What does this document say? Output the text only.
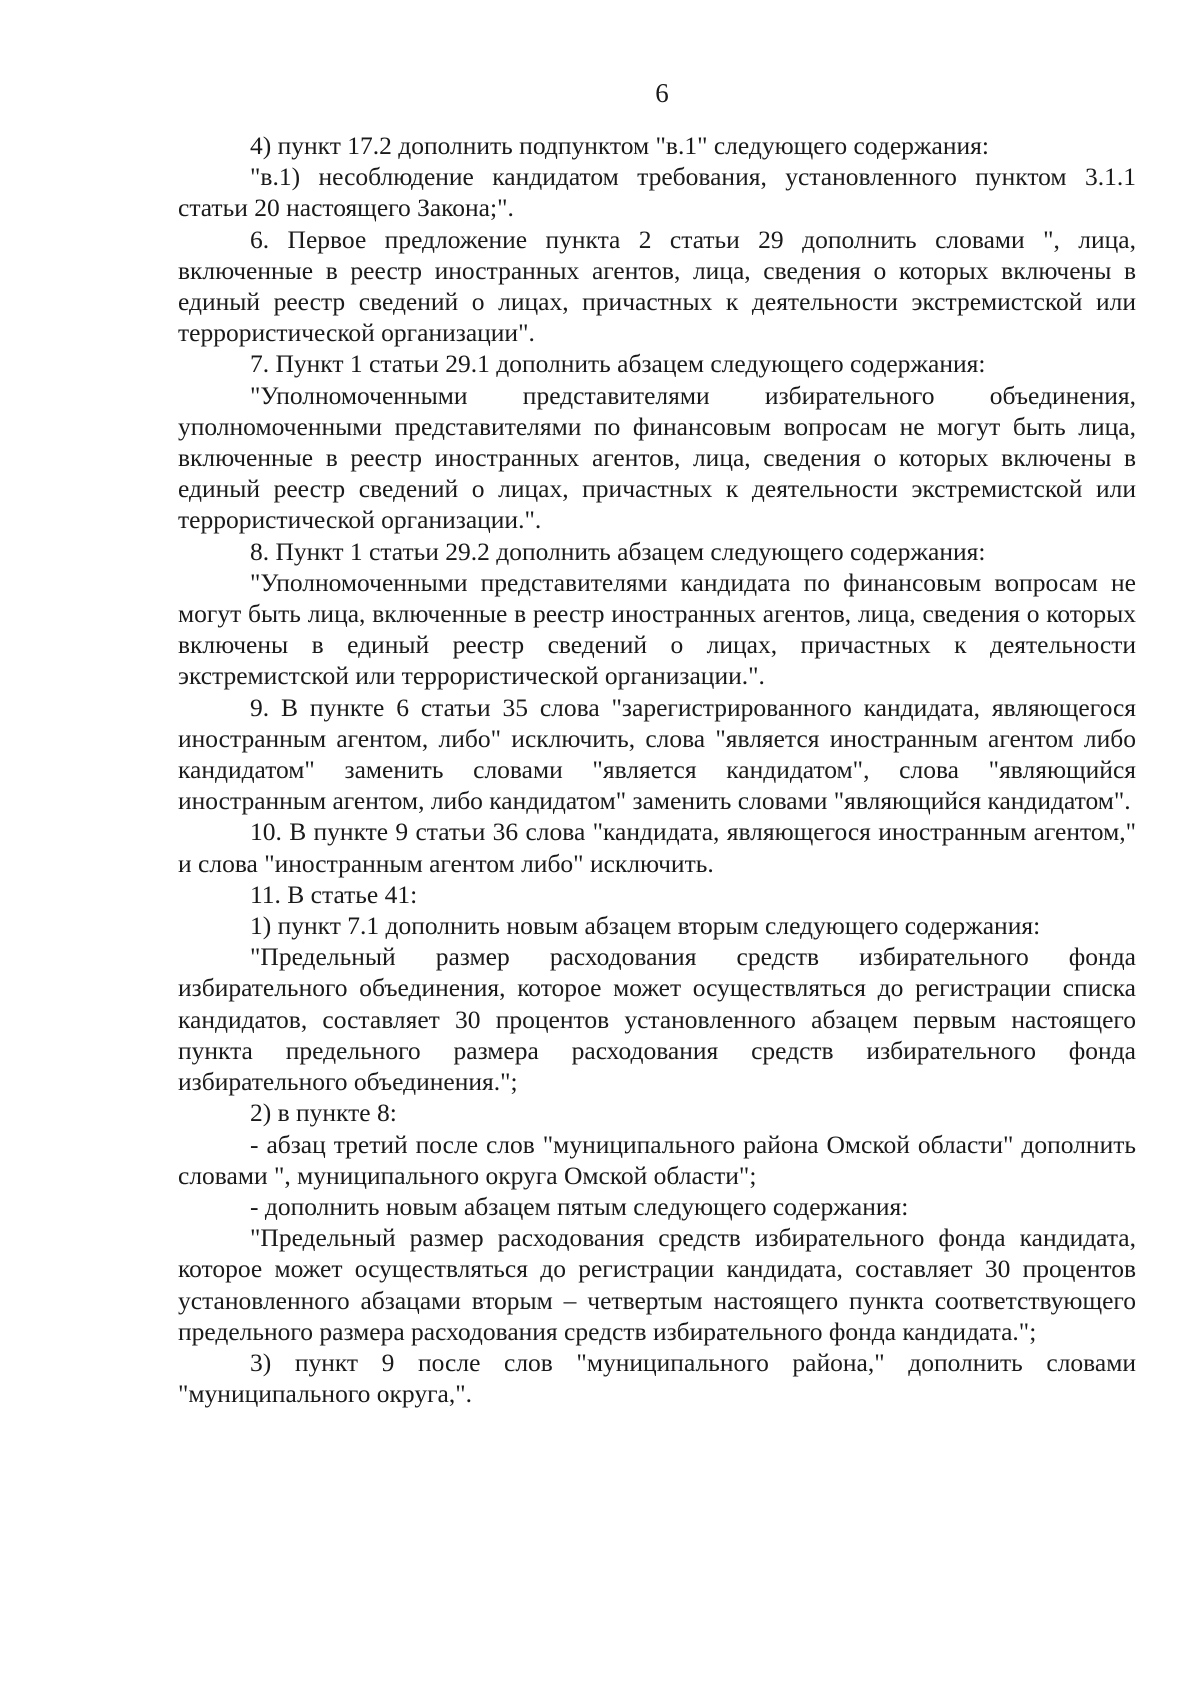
6

4) пункт 17.2 дополнить подпунктом "в.1" следующего содержания:

"в.1) несоблюдение кандидатом требования, установленного пунктом 3.1.1 статьи 20 настоящего Закона;".

6. Первое предложение пункта 2 статьи 29 дополнить словами ", лица, включенные в реестр иностранных агентов, лица, сведения о которых включены в единый реестр сведений о лицах, причастных к деятельности экстремистской или террористической организации".

7. Пункт 1 статьи 29.1 дополнить абзацем следующего содержания:

"Уполномоченными представителями избирательного объединения, уполномоченными представителями по финансовым вопросам не могут быть лица, включенные в реестр иностранных агентов, лица, сведения о которых включены в единый реестр сведений о лицах, причастных к деятельности экстремистской или террористической организации.".

8. Пункт 1 статьи 29.2 дополнить абзацем следующего содержания:

"Уполномоченными представителями кандидата по финансовым вопросам не могут быть лица, включенные в реестр иностранных агентов, лица, сведения о которых включены в единый реестр сведений о лицах, причастных к деятельности экстремистской или террористической организации.".

9. В пункте 6 статьи 35 слова "зарегистрированного кандидата, являющегося иностранным агентом, либо" исключить, слова "является иностранным агентом либо кандидатом" заменить словами "является кандидатом", слова "являющийся иностранным агентом, либо кандидатом" заменить словами "являющийся кандидатом".

10. В пункте 9 статьи 36 слова "кандидата, являющегося иностранным агентом," и слова "иностранным агентом либо" исключить.

11. В статье 41:

1) пункт 7.1 дополнить новым абзацем вторым следующего содержания:

"Предельный размер расходования средств избирательного фонда избирательного объединения, которое может осуществляться до регистрации списка кандидатов, составляет 30 процентов установленного абзацем первым настоящего пункта предельного размера расходования средств избирательного фонда избирательного объединения.";

2) в пункте 8:

- абзац третий после слов "муниципального района Омской области" дополнить словами ", муниципального округа Омской области";

- дополнить новым абзацем пятым следующего содержания:

"Предельный размер расходования средств избирательного фонда кандидата, которое может осуществляться до регистрации кандидата, составляет 30 процентов установленного абзацами вторым – четвертым настоящего пункта соответствующего предельного размера расходования средств избирательного фонда кандидата.";

3) пункт 9 после слов "муниципального района," дополнить словами "муниципального округа,".
